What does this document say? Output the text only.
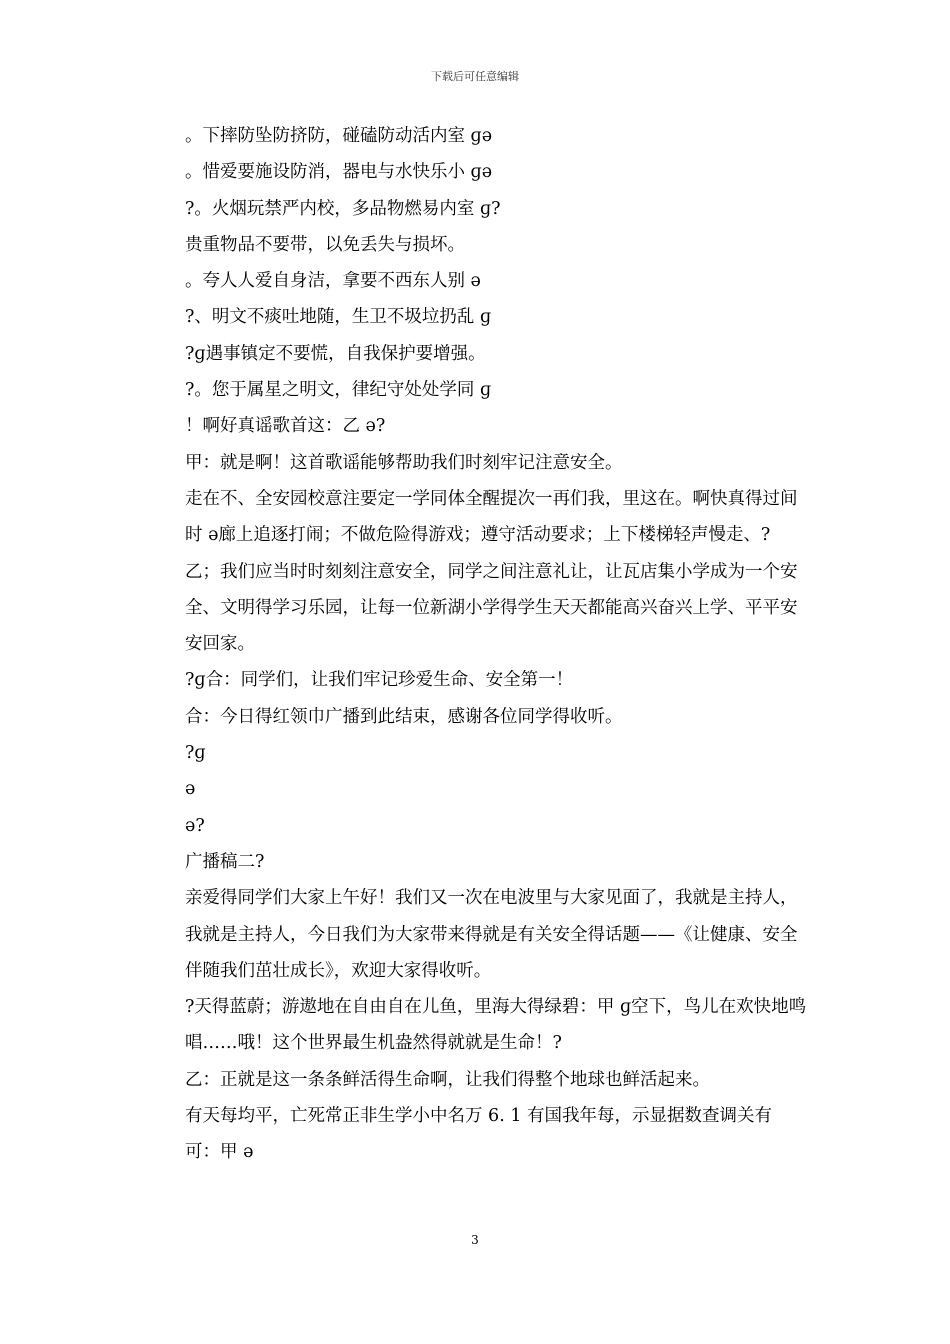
下载后可任意编辑

。下摔防坠防挤防，碰磕防动活内室 ɡə

。惜爱要施设防消，器电与水快乐小 ɡə

?。火烟玩禁严内校，多品物燃易内室 ɡ?

贵重物品不要带，以免丢失与损坏。

。夸人人爱自身洁，拿要不西东人别 ə

?、明文不痰吐地随，生卫不圾垃扔乱 ɡ

?ɡ遇事镇定不要慌，自我保护要增强。

?。您于属星之明文，律纪守处处学同 ɡ

！啊好真谣歌首这：乙 ə?

甲：就是啊！这首歌谣能够帮助我们时刻牢记注意安全。

走在不、全安园校意注要定一学同体全醒提次一再们我，里这在。啊快真得过间时 ə廊上追逐打闹；不做危险得游戏；遵守活动要求；上下楼梯轻声慢走、?

乙；我们应当时时刻刻注意安全，同学之间注意礼让，让瓦店集小学成为一个安全、文明得学习乐园，让每一位新湖小学得学生天天都能高兴奋兴上学、平平安安回家。

?ɡ合：同学们，让我们牢记珍爱生命、安全第一！

合：今日得红领巾广播到此结束，感谢各位同学得收听。

?ɡ

ə

ə?

广播稿二?

亲爱得同学们大家上午好！我们又一次在电波里与大家见面了，我就是主持人，我就是主持人，今日我们为大家带来得就是有关安全得话题——《让健康、安全伴随我们茁壮成长》，欢迎大家得收听。

?天得蓝蔚；游遨地在自由自在儿鱼，里海大得绿碧：甲 ɡ空下，鸟儿在欢快地鸣唱……哦！这个世界最生机盎然得就就是生命！?

乙：正就是这一条条鲜活得生命啊，让我们得整个地球也鲜活起来。

有天每均平，亡死常正非生学小中名万 6. 1 有国我年每，示显据数查调关有可：甲 ə

3
